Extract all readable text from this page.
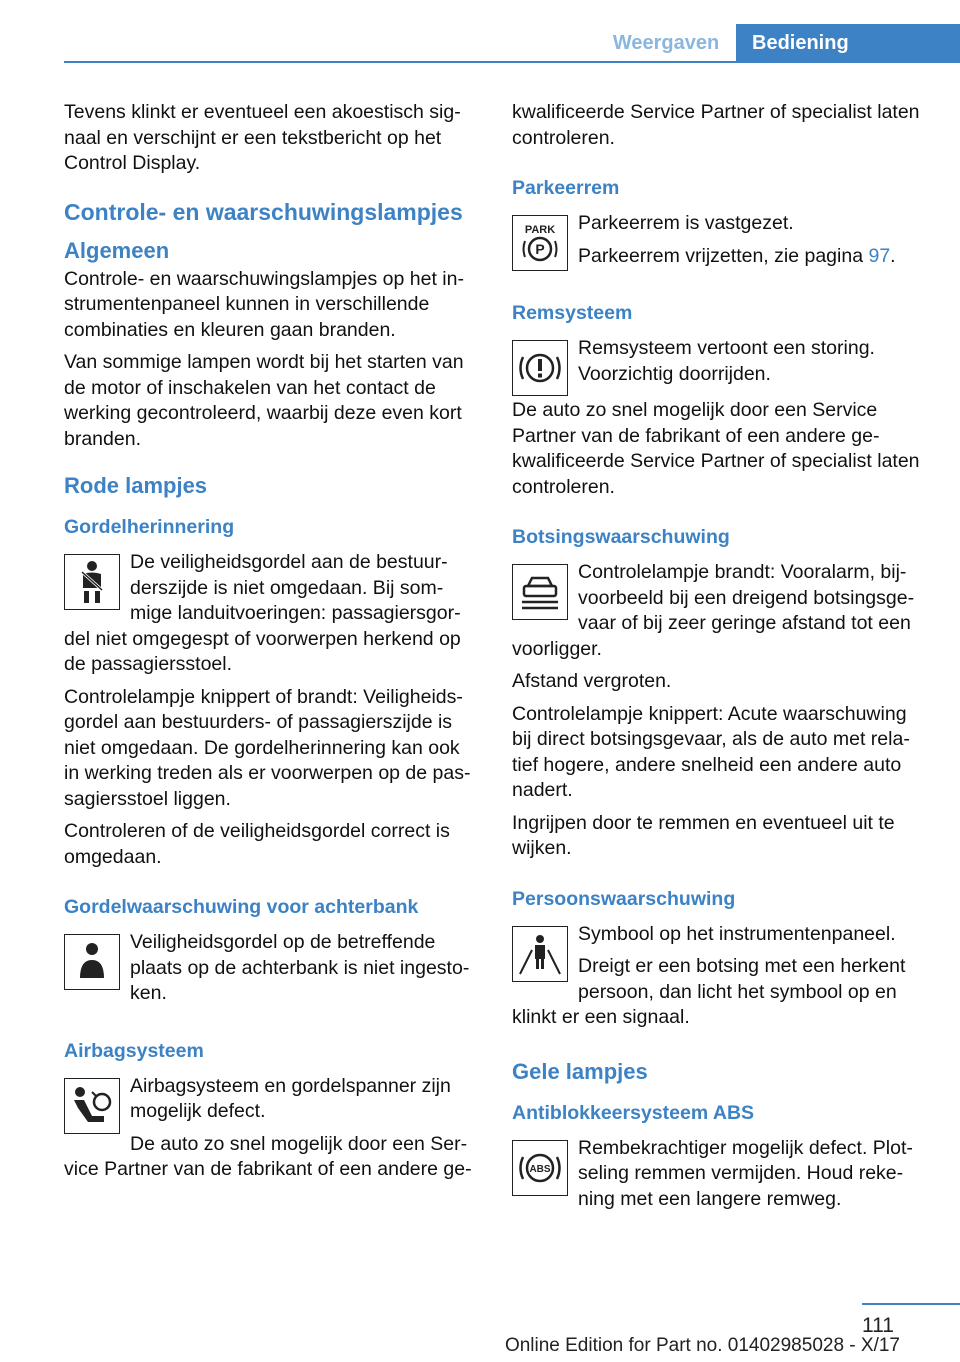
Weergaven	Bediening

Tevens klinkt er eventueel een akoestisch signaal en verschijnt er een tekstbericht op het Control Display.

Controle- en waarschuwingslampjes
Algemeen

Controle- en waarschuwingslampjes op het instrumentenpaneel kunnen in verschillende combinaties en kleuren gaan branden.

Van sommige lampen wordt bij het starten van de motor of inschakelen van het contact de werking gecontroleerd, waarbij deze even kort branden.

Rode lampjes
Gordelherinnering

De veiligheidsgordel aan de bestuurderszijde is niet omgedaan. Bij sommige landuitvoeringen: passagiersgordel niet omgegespt of voorwerpen herkend op de passagiersstoel.

Controlelampje knippert of brandt: Veiligheidsgordel aan bestuurders- of passagierszijde is niet omgedaan. De gordelherinnering kan ook in werking treden als er voorwerpen op de passagiersstoel liggen.

Controleren of de veiligheidsgordel correct is omgedaan.

Gordelwaarschuwing voor achterbank

Veiligheidsgordel op de betreffende plaats op de achterbank is niet ingestoken.

Airbagsysteem

Airbagsysteem en gordelspanner zijn mogelijk defect.

De auto zo snel mogelijk door een Service Partner van de fabrikant of een andere ge-

kwalificeerde Service Partner of specialist laten controleren.

Parkeerrem
PARK
P

Parkeerrem is vastgezet.

Parkeerrem vrijzetten, zie pagina 97.

Remsysteem

Remsysteem vertoont een storing. Voorzichtig doorrijden.

De auto zo snel mogelijk door een Service Partner van de fabrikant of een andere gekwalificeerde Service Partner of specialist laten controleren.

Botsingswaarschuwing

Controlelampje brandt: Vooralarm, bijvoorbeeld bij een dreigend botsingsgevaar of bij zeer geringe afstand tot een voorligger.

Afstand vergroten.

Controlelampje knippert: Acute waarschuwing bij direct botsingsgevaar, als de auto met relatief hogere, andere snelheid een andere auto nadert.

Ingrijpen door te remmen en eventueel uit te wijken.

Persoonswaarschuwing

Symbool op het instrumentenpaneel.

Dreigt er een botsing met een herkent persoon, dan licht het symbool op en klinkt er een signaal.

Gele lampjes
Antiblokkeersysteem ABS
ABS

Rembekrachtiger mogelijk defect. Plotseling remmen vermijden. Houd rekening met een langere remweg.

111
Online Edition for Part no. 01402985028 - X/17
